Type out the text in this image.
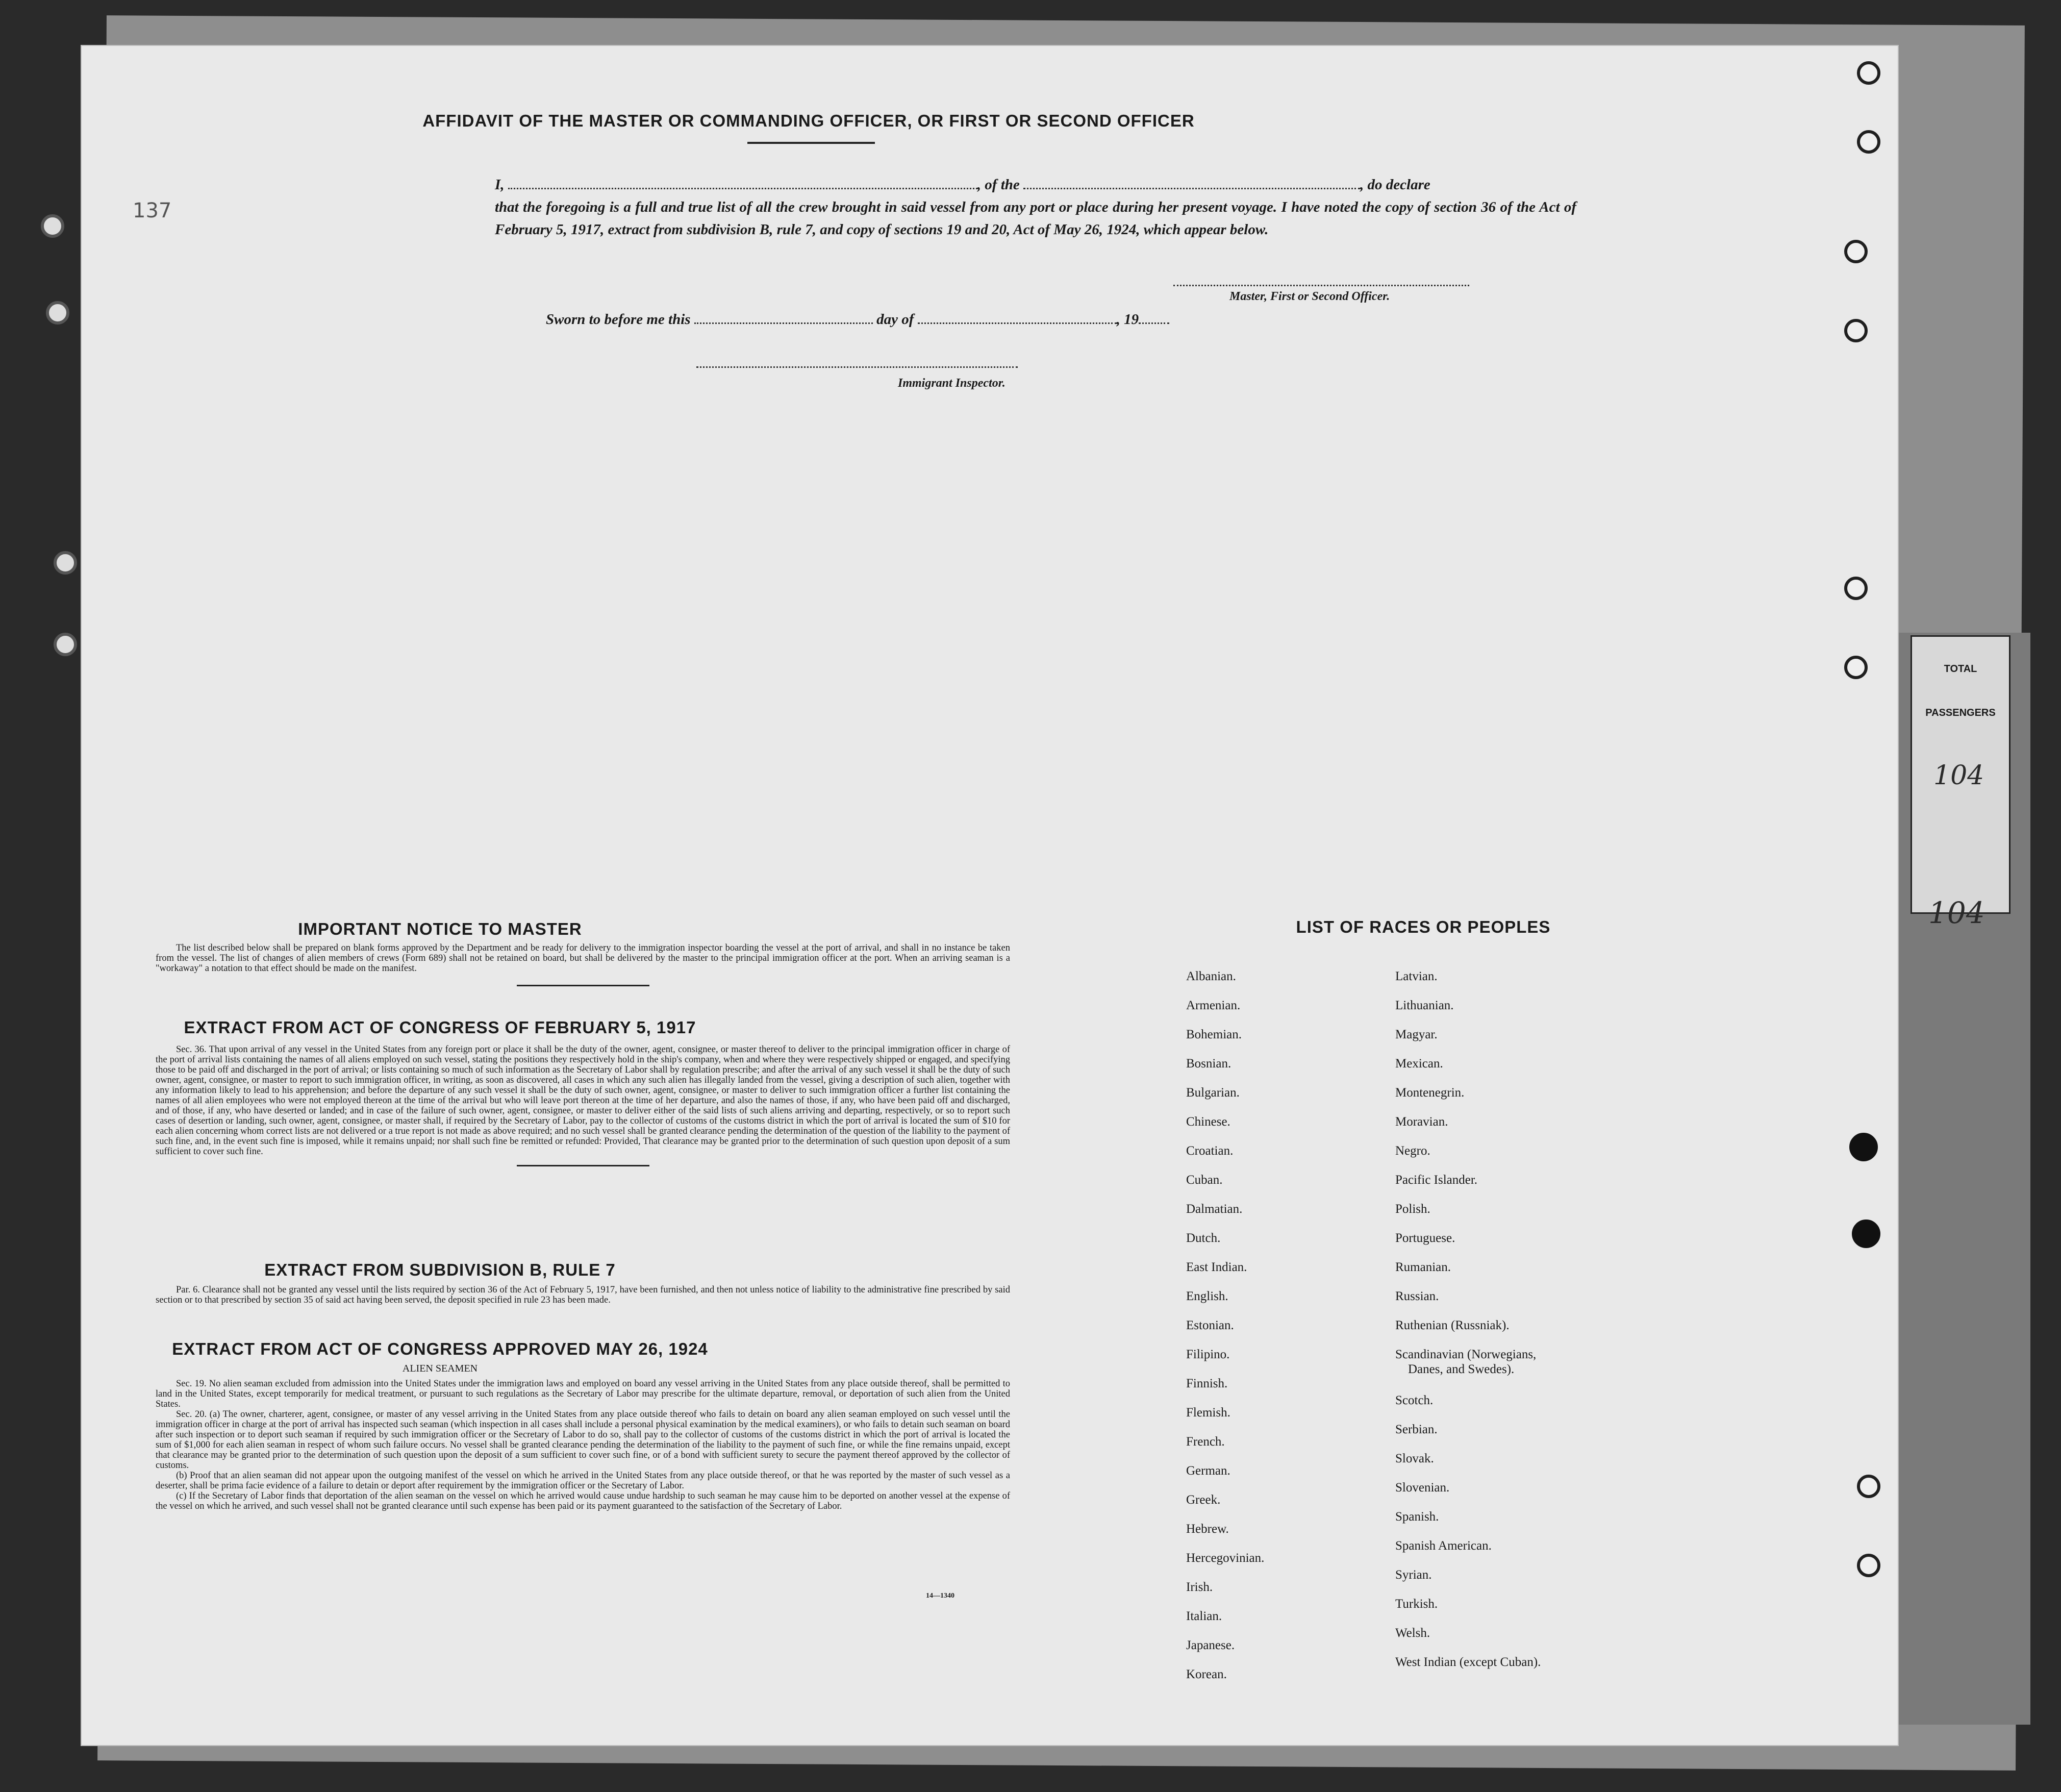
TOTAL
PASSENGERS
104
104
137
AFFIDAVIT OF THE MASTER OR COMMANDING OFFICER, OR FIRST OR SECOND OFFICER
I,	, of the	, do declare
that the foregoing is a full and true list of all the crew brought in said vessel from any port or place during her present voyage. I have noted the copy of section 36 of the Act of February 5, 1917, extract from subdivision B, rule 7, and copy of sections 19 and 20, Act of May 26, 1924, which appear below.
Master, First or Second Officer.
Sworn to before me this	day of	, 19
Immigrant Inspector.
IMPORTANT NOTICE TO MASTER

The list described below shall be prepared on blank forms approved by the Department and be ready for delivery to the immigration inspector boarding the vessel at the port of arrival, and shall in no instance be taken from the vessel. The list of changes of alien members of crews (Form 689) shall not be retained on board, but shall be delivered by the master to the principal immigration officer at the port. When an arriving seaman is a "workaway" a notation to that effect should be made on the manifest.

EXTRACT FROM ACT OF CONGRESS OF FEBRUARY 5, 1917

Sec. 36. That upon arrival of any vessel in the United States from any foreign port or place it shall be the duty of the owner, agent, consignee, or master thereof to deliver to the principal immigration officer in charge of the port of arrival lists containing the names of all aliens employed on such vessel, stating the positions they respectively hold in the ship's company, when and where they were respectively shipped or engaged, and specifying those to be paid off and discharged in the port of arrival; or lists containing so much of such information as the Secretary of Labor shall by regulation prescribe; and after the arrival of any such vessel it shall be the duty of such owner, agent, consignee, or master to report to such immigration officer, in writing, as soon as discovered, all cases in which any such alien has illegally landed from the vessel, giving a description of such alien, together with any information likely to lead to his apprehension; and before the departure of any such vessel it shall be the duty of such owner, agent, consignee, or master to deliver to such immigration officer a further list containing the names of all alien employees who were not employed thereon at the time of the arrival but who will leave port thereon at the time of her departure, and also the names of those, if any, who have been paid off and discharged, and of those, if any, who have deserted or landed; and in case of the failure of such owner, agent, consignee, or master to deliver either of the said lists of such aliens arriving and departing, respectively, or so to report such cases of desertion or landing, such owner, agent, consignee, or master shall, if required by the Secretary of Labor, pay to the collector of customs of the customs district in which the port of arrival is located the sum of $10 for each alien concerning whom correct lists are not delivered or a true report is not made as above required; and no such vessel shall be granted clearance pending the determination of the question of the liability to the payment of such fine, and, in the event such fine is imposed, while it remains unpaid; nor shall such fine be remitted or refunded: Provided, That clearance may be granted prior to the determination of such question upon deposit of a sum sufficient to cover such fine.

EXTRACT FROM SUBDIVISION B, RULE 7

Par. 6. Clearance shall not be granted any vessel until the lists required by section 36 of the Act of February 5, 1917, have been furnished, and then not unless notice of liability to the administrative fine prescribed by said section or to that prescribed by section 35 of said act having been served, the deposit specified in rule 23 has been made.

EXTRACT FROM ACT OF CONGRESS APPROVED MAY 26, 1924
ALIEN SEAMEN

Sec. 19. No alien seaman excluded from admission into the United States under the immigration laws and employed on board any vessel arriving in the United States from any place outside thereof, shall be permitted to land in the United States, except temporarily for medical treatment, or pursuant to such regulations as the Secretary of Labor may prescribe for the ultimate departure, removal, or deportation of such alien from the United States.

Sec. 20. (a) The owner, charterer, agent, consignee, or master of any vessel arriving in the United States from any place outside thereof who fails to detain on board any alien seaman employed on such vessel until the immigration officer in charge at the port of arrival has inspected such seaman (which inspection in all cases shall include a personal physical examination by the medical examiners), or who fails to detain such seaman on board after such inspection or to deport such seaman if required by such immigration officer or the Secretary of Labor to do so, shall pay to the collector of customs of the customs district in which the port of arrival is located the sum of $1,000 for each alien seaman in respect of whom such failure occurs. No vessel shall be granted clearance pending the determination of the liability to the payment of such fine, or while the fine remains unpaid, except that clearance may be granted prior to the determination of such question upon the deposit of a sum sufficient to cover such fine, or of a bond with sufficient surety to secure the payment thereof approved by the collector of customs.

(b) Proof that an alien seaman did not appear upon the outgoing manifest of the vessel on which he arrived in the United States from any place outside thereof, or that he was reported by the master of such vessel as a deserter, shall be prima facie evidence of a failure to detain or deport after requirement by the immigration officer or the Secretary of Labor.

(c) If the Secretary of Labor finds that deportation of the alien seaman on the vessel on which he arrived would cause undue hardship to such seaman he may cause him to be deported on another vessel at the expense of the vessel on which he arrived, and such vessel shall not be granted clearance until such expense has been paid or its payment guaranteed to the satisfaction of the Secretary of Labor.

14—1340
LIST OF RACES OR PEOPLES
Albanian.
Armenian.
Bohemian.
Bosnian.
Bulgarian.
Chinese.
Croatian.
Cuban.
Dalmatian.
Dutch.
East Indian.
English.
Estonian.
Filipino.
Finnish.
Flemish.
French.
German.
Greek.
Hebrew.
Hercegovinian.
Irish.
Italian.
Japanese.
Korean.
Latvian.
Lithuanian.
Magyar.
Mexican.
Montenegrin.
Moravian.
Negro.
Pacific Islander.
Polish.
Portuguese.
Rumanian.
Russian.
Ruthenian (Russniak).
Scandinavian (Norwegians,
Danes, and Swedes).
Scotch.
Serbian.
Slovak.
Slovenian.
Spanish.
Spanish American.
Syrian.
Turkish.
Welsh.
West Indian (except Cuban).
